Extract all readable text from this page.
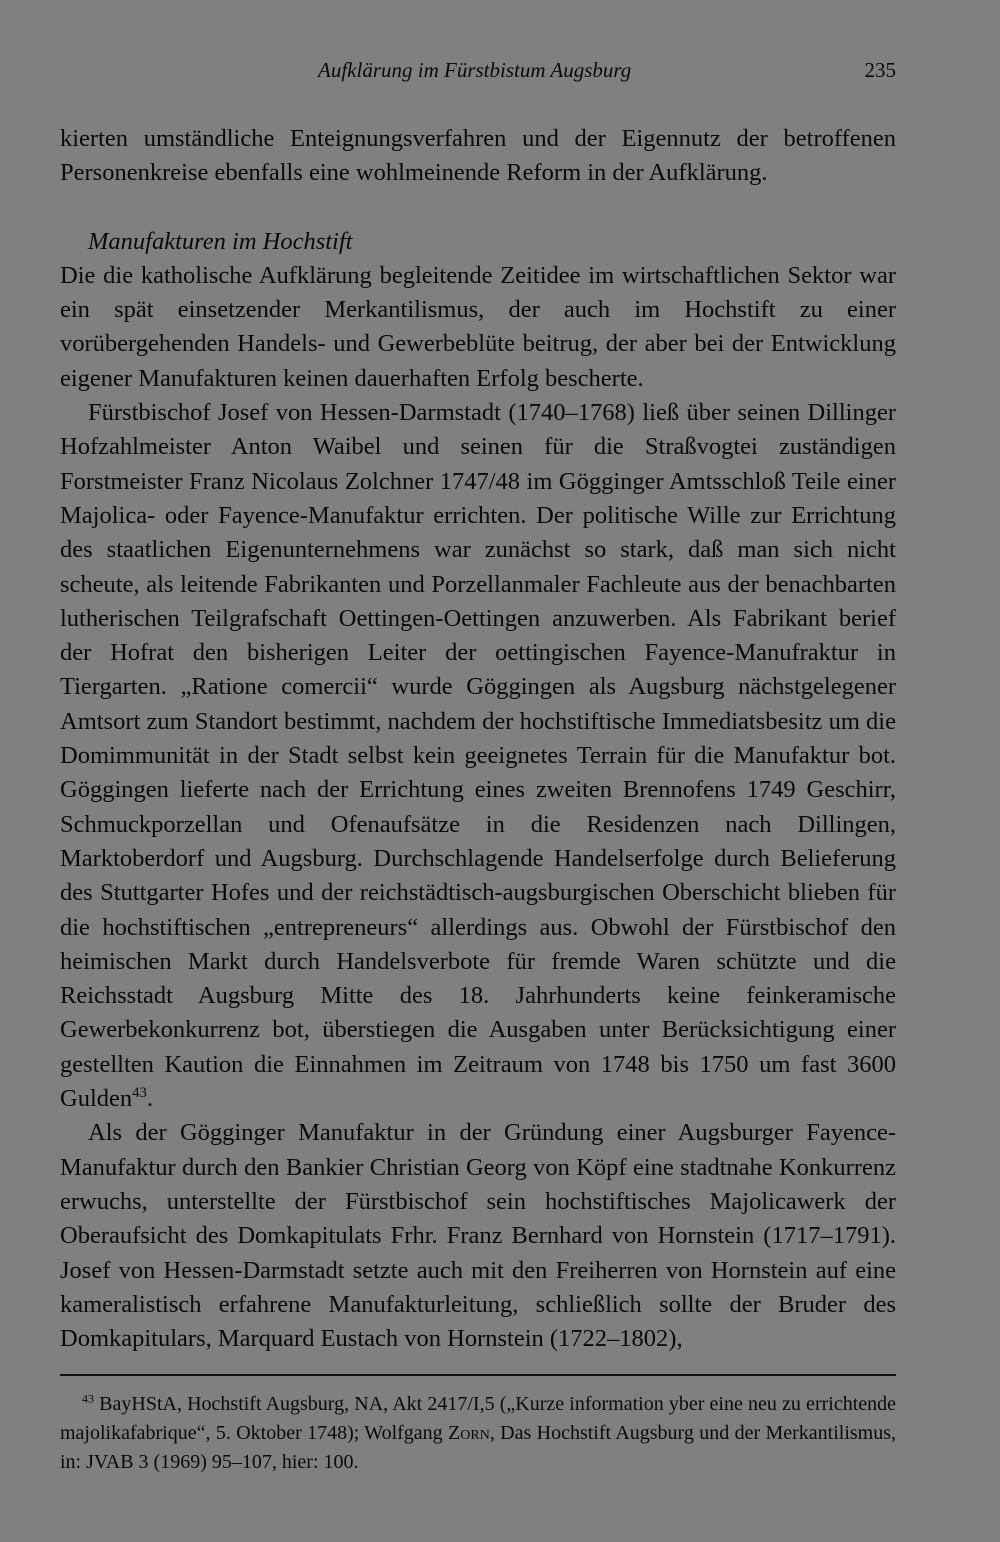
Aufklärung im Fürstbistum Augsburg	235

kierten umständliche Enteignungsverfahren und der Eigennutz der betroffenen Personenkreise ebenfalls eine wohlmeinende Reform in der Aufklärung.

Manufakturen im Hochstift

Die die katholische Aufklärung begleitende Zeitidee im wirtschaftlichen Sektor war ein spät einsetzender Merkantilismus, der auch im Hochstift zu einer vorübergehenden Handels- und Gewerbeblüte beitrug, der aber bei der Entwicklung eigener Manufakturen keinen dauerhaften Erfolg bescherte.

Fürstbischof Josef von Hessen-Darmstadt (1740–1768) ließ über seinen Dillinger Hofzahlmeister Anton Waibel und seinen für die Straßvogtei zuständigen Forstmeister Franz Nicolaus Zolchner 1747/48 im Gögginger Amtsschloß Teile einer Majolica- oder Fayence-Manufaktur errichten. Der politische Wille zur Errichtung des staatlichen Eigenunternehmens war zunächst so stark, daß man sich nicht scheute, als leitende Fabrikanten und Porzellanmaler Fachleute aus der benachbarten lutherischen Teilgrafschaft Oettingen-Oettingen anzuwerben. Als Fabrikant berief der Hofrat den bisherigen Leiter der oettingischen Fayence-Manufraktur in Tiergarten. „Ratione comercii“ wurde Göggingen als Augsburg nächstgelegener Amtsort zum Standort bestimmt, nachdem der hochstiftische Immediatsbesitz um die Domimmunität in der Stadt selbst kein geeignetes Terrain für die Manufaktur bot. Göggingen lieferte nach der Errichtung eines zweiten Brennofens 1749 Geschirr, Schmuckporzellan und Ofenaufsätze in die Residenzen nach Dillingen, Marktoberdorf und Augsburg. Durchschlagende Handelserfolge durch Belieferung des Stuttgarter Hofes und der reichstädtisch-augsburgischen Oberschicht blieben für die hochstiftischen „entrepreneurs“ allerdings aus. Obwohl der Fürstbischof den heimischen Markt durch Handelsverbote für fremde Waren schützte und die Reichsstadt Augsburg Mitte des 18. Jahrhunderts keine feinkeramische Gewerbekonkurrenz bot, überstiegen die Ausgaben unter Berücksichtigung einer gestellten Kaution die Einnahmen im Zeitraum von 1748 bis 1750 um fast 3600 Gulden$^{43}$.

Als der Gögginger Manufaktur in der Gründung einer Augsburger Fayence-Manufaktur durch den Bankier Christian Georg von Köpf eine stadtnahe Konkurrenz erwuchs, unterstellte der Fürstbischof sein hochstiftisches Majolicawerk der Oberaufsicht des Domkapitulats Frhr. Franz Bernhard von Hornstein (1717–1791). Josef von Hessen-Darmstadt setzte auch mit den Freiherren von Hornstein auf eine kameralistisch erfahrene Manufakturleitung, schließlich sollte der Bruder des Domkapitulars, Marquard Eustach von Hornstein (1722–1802),

$^{43}$ BayHStA, Hochstift Augsburg, NA, Akt 2417/I,5 („Kurze information yber eine neu zu errichtende majolikafabrique“, 5. Oktober 1748); Wolfgang Zorn, Das Hochstift Augsburg und der Merkantilismus, in: JVAB 3 (1969) 95–107, hier: 100.
